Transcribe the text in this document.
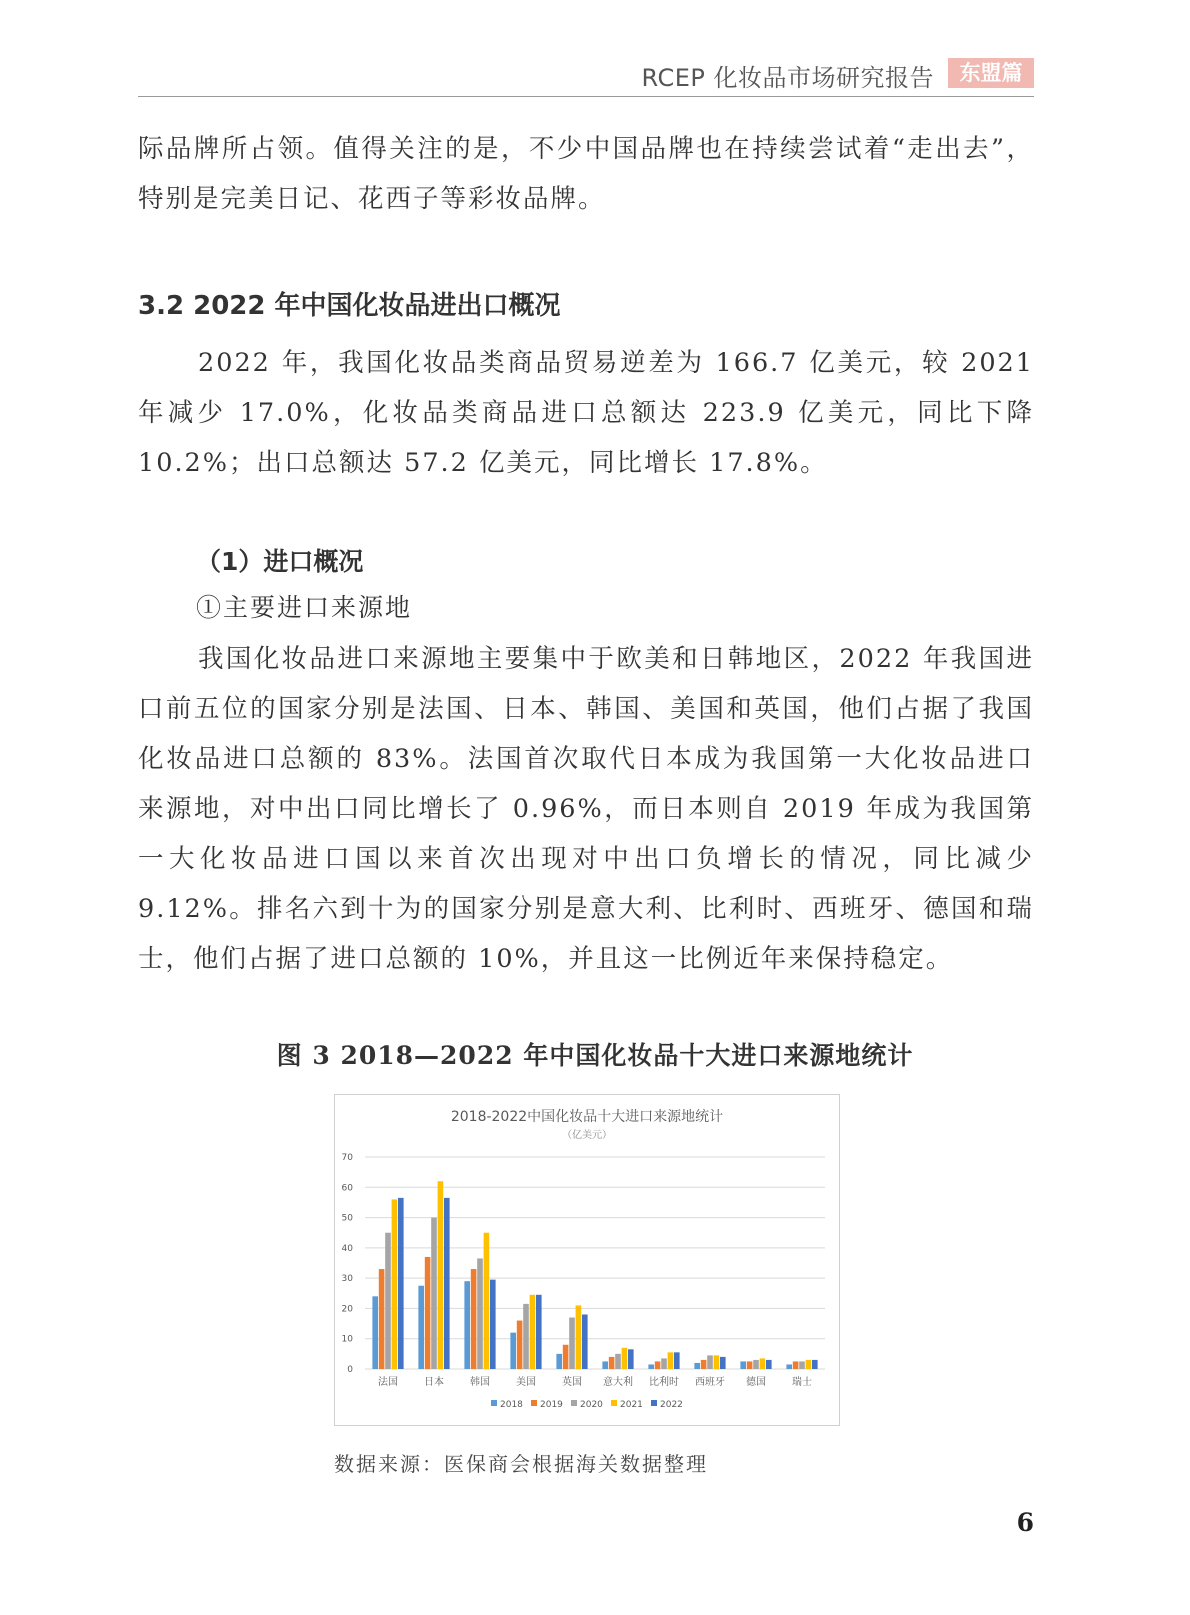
RCEP 化妆品市场研究报告	东盟篇

际品牌所占领。值得关注的是，不少中国品牌也在持续尝试着“走出去”，特别是完美日记、花西子等彩妆品牌。

3.2 2022 年中国化妆品进出口概况

2022 年，我国化妆品类商品贸易逆差为 166.7 亿美元，较 2021 年减少 17.0%，化妆品类商品进口总额达 223.9 亿美元，同比下降 10.2%；出口总额达 57.2 亿美元，同比增长 17.8%。

（1）进口概况
①主要进口来源地

我国化妆品进口来源地主要集中于欧美和日韩地区，2022 年我国进口前五位的国家分别是法国、日本、韩国、美国和英国，他们占据了我国化妆品进口总额的 83%。法国首次取代日本成为我国第一大化妆品进口来源地，对中出口同比增长了 0.96%，而日本则自 2019 年成为我国第一大化妆品进口国以来首次出现对中出口负增长的情况，同比减少 9.12%。排名六到十为的国家分别是意大利、比利时、西班牙、德国和瑞士，他们占据了进口总额的 10%，并且这一比例近年来保持稳定。

图 3 2018—2022 年中国化妆品十大进口来源地统计
2018-2022中国化妆品十大进口来源地统计
（亿美元）
0
10
20
30
40
50
60
70
法国	日本	韩国	美国	英国 意大利 比利时 西班牙 德国	瑞士
2018 2019 2020 2021 2022
数据来源：医保商会根据海关数据整理
6
